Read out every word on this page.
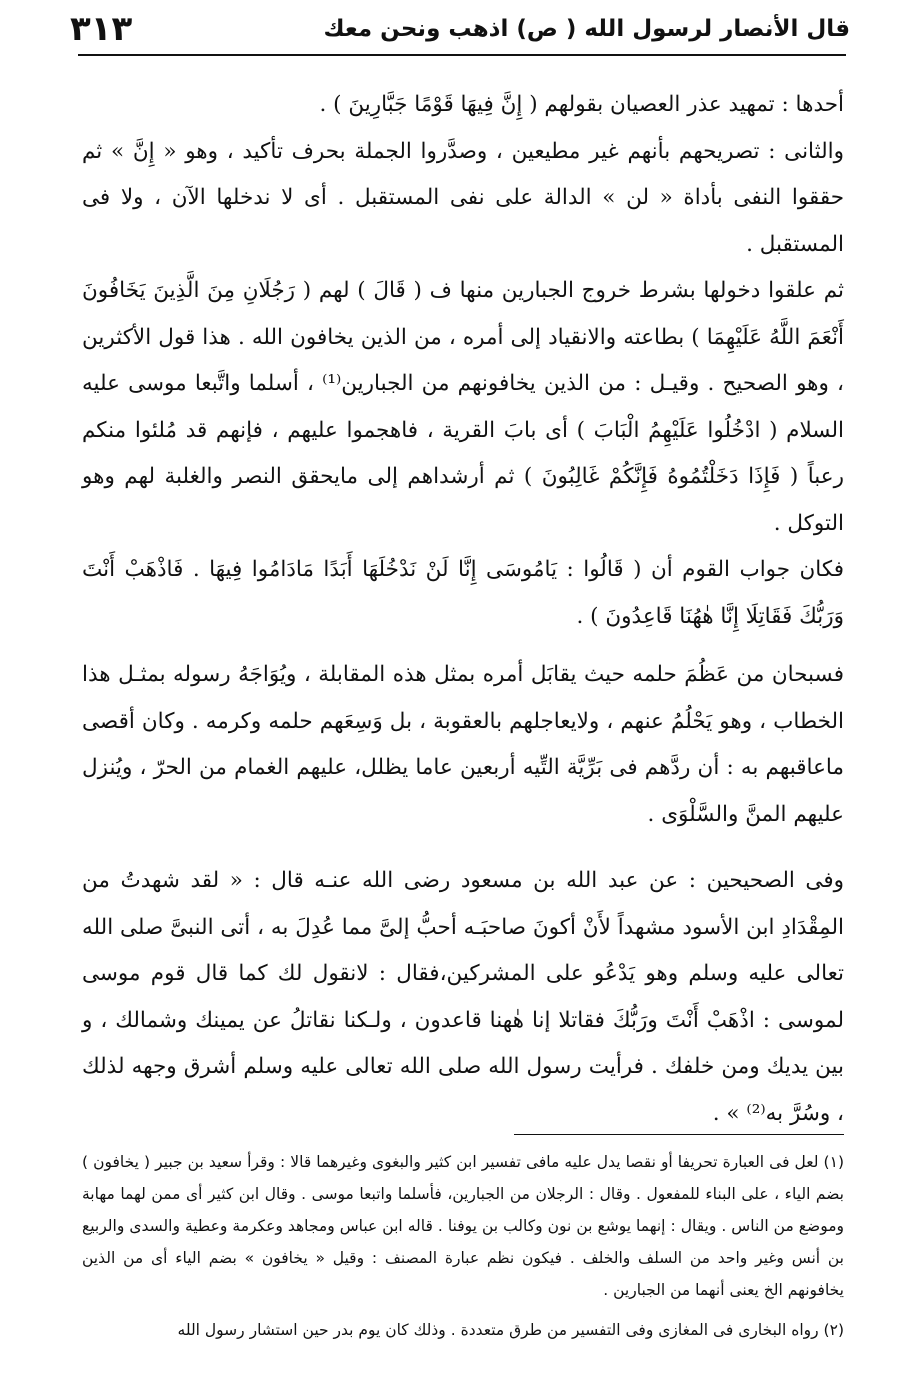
قال الأنصار لرسول الله ( ص) اذهب ونحن معك
٣١٣

أحدها : تمهيد عذر العصيان بقولهم ( إِنَّ فِيهَا قَوْمًا جَبَّارِينَ ) .

والثانى : تصريحهم بأنهم غير مطيعين ، وصدَّروا الجملة بحرف تأكيد ، وهو « إِنَّ » ثم حققوا النفى بأداة « لن » الدالة على نفى المستقبل . أى لا ندخلها الآن ، ولا فى المستقبل .

ثم علقوا دخولها بشرط خروج الجبارين منها ف ( قَالَ ) لهم ( رَجُلَانِ مِنَ الَّذِينَ يَخَافُونَ أَنْعَمَ اللَّهُ عَلَيْهِمَا ) بطاعته والانقياد إلى أمره ، من الذين يخافون الله . هذا قول الأكثرين ، وهو الصحيح . وقيـل : من الذين يخافونهم من الجبارين⁽¹⁾ ، أسلما واتَّبعا موسى عليه السلام ( ادْخُلُوا عَلَيْهِمُ الْبَابَ ) أى بابَ القرية ، فاهجموا عليهم ، فإنهم قد مُلئوا منكم رعباً ( فَإِذَا دَخَلْتُمُوهُ فَإِنَّكُمْ غَالِبُونَ ) ثم أرشداهم إلى مايحقق النصر والغلبة لهم وهو التوكل .

فكان جواب القوم أن ( قَالُوا : يَامُوسَى إِنَّا لَنْ نَدْخُلَهَا أَبَدًا مَادَامُوا فِيهَا . فَاذْهَبْ أَنْتَ وَرَبُّكَ فَقَاتِلَا إِنَّا هٰهُنَا قَاعِدُونَ ) .

فسبحان من عَظُمَ حلمه حيث يقابَل أمره بمثل هذه المقابلة ، ويُوَاجَهُ رسوله بمثـل هذا الخطاب ، وهو يَحْلُمُ عنهم ، ولايعاجلهم بالعقوبة ، بل وَسِعَهم حلمه وكرمه . وكان أقصى ماعاقبهم به : أن ردَّهم فى بَرِّيَّة التِّيه أربعين عاما يظلل، عليهم الغمام من الحرّ ، ويُنزل عليهم المنَّ والسَّلْوَى .

وفى الصحيحين : عن عبد الله بن مسعود رضى الله عنـه قال : « لقد شهدتُ من المِقْدَادِ ابن الأسود مشهداً لأَنْ أكونَ صاحبَـه أحبُّ إلىَّ مما عُدِلَ به ، أتى النبىَّ صلى الله تعالى عليه وسلم وهو يَدْعُو على المشركين،فقال : لانقول لك كما قال قوم موسى لموسى : اذْهَبْ أَنْتَ ورَبُّكَ فقاتلا إنا هٰهنا قاعدون ، ولـكنا نقاتلُ عن يمينك وشمالك ، و بين يديك ومن خلفك . فرأيت رسول الله صلى الله تعالى عليه وسلم أشرق وجهه لذلك ، وسُرَّ به⁽²⁾ » .

(١) لعل فى العبارة تحريفا أو نقصا يدل عليه مافى تفسير ابن كثير والبغوى وغيرهما قالا : وقرأ سعيد بن جبير ( يخافون ) بضم الياء ، على البناء للمفعول . وقال : الرجلان من الجبارين، فأسلما واتبعا موسى . وقال ابن كثير أى ممن لهما مهابة وموضع من الناس . ويقال : إنهما يوشع بن نون وكالب بن يوفنا . قاله ابن عباس ومجاهد وعكرمة وعطية والسدى والربيع بن أنس وغير واحد من السلف والخلف . فيكون نظم عبارة المصنف : وقيل « يخافون » بضم الياء أى من الذين يخافونهم الخ يعنى أنهما من الجبارين .

(٢) رواه البخارى فى المغازى وفى التفسير من طرق متعددة . وذلك كان يوم بدر حين استشار رسول الله
